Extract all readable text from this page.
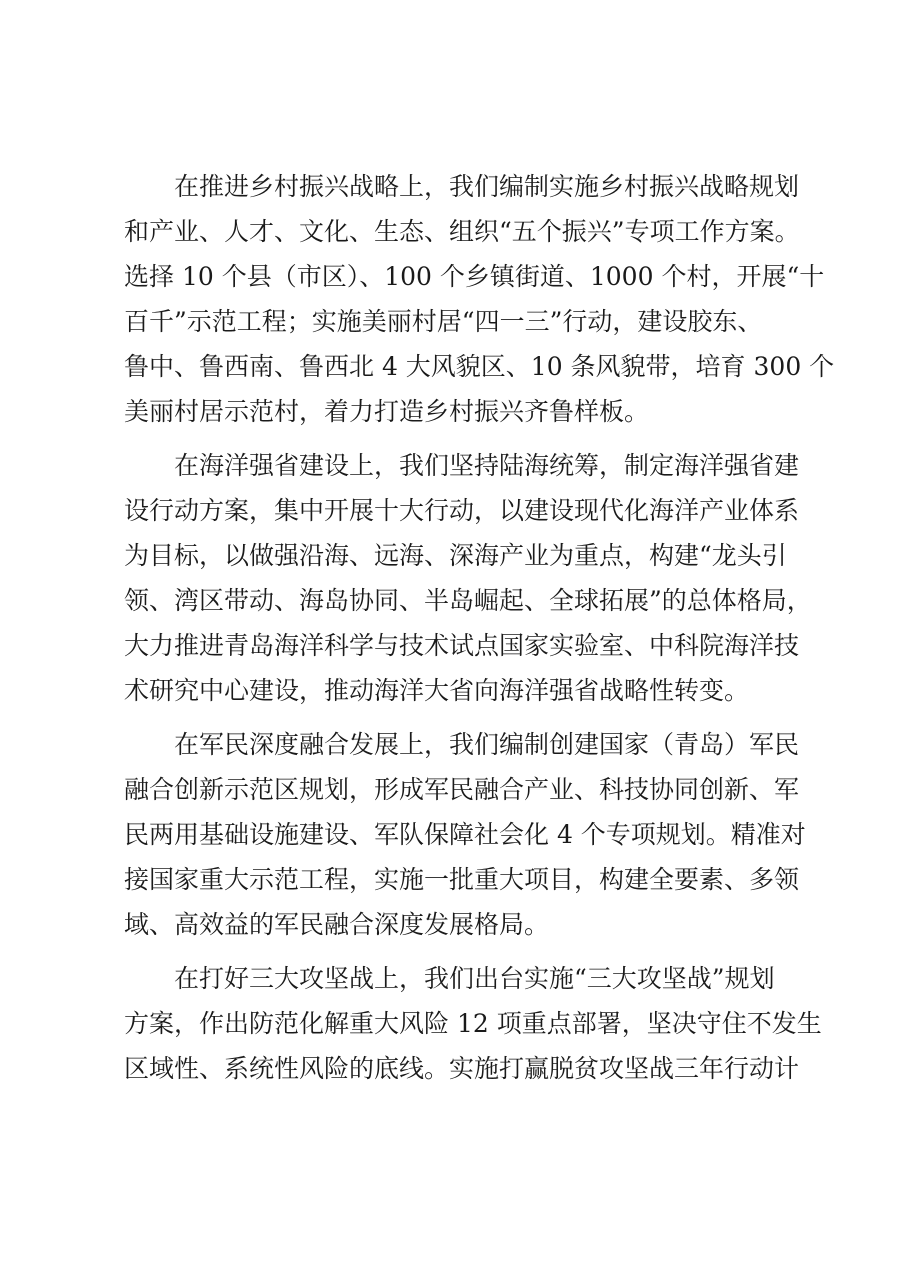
在推进乡村振兴战略上，我们编制实施乡村振兴战略规划
和产业、人才、文化、生态、组织“五个振兴”专项工作方案。
选择 10 个县（市区）、100 个乡镇街道、1000 个村，开展“十
百千”示范工程；实施美丽村居“四一三”行动，建设胶东、
鲁中、鲁西南、鲁西北 4 大风貌区、10 条风貌带，培育 300 个
美丽村居示范村，着力打造乡村振兴齐鲁样板。
在海洋强省建设上，我们坚持陆海统筹，制定海洋强省建
设行动方案，集中开展十大行动，以建设现代化海洋产业体系
为目标，以做强沿海、远海、深海产业为重点，构建“龙头引
领、湾区带动、海岛协同、半岛崛起、全球拓展”的总体格局，
大力推进青岛海洋科学与技术试点国家实验室、中科院海洋技
术研究中心建设，推动海洋大省向海洋强省战略性转变。
在军民深度融合发展上，我们编制创建国家（青岛）军民
融合创新示范区规划，形成军民融合产业、科技协同创新、军
民两用基础设施建设、军队保障社会化 4 个专项规划。精准对
接国家重大示范工程，实施一批重大项目，构建全要素、多领
域、高效益的军民融合深度发展格局。
在打好三大攻坚战上，我们出台实施“三大攻坚战”规划
方案，作出防范化解重大风险 12 项重点部署，坚决守住不发生
区域性、系统性风险的底线。实施打赢脱贫攻坚战三年行动计
